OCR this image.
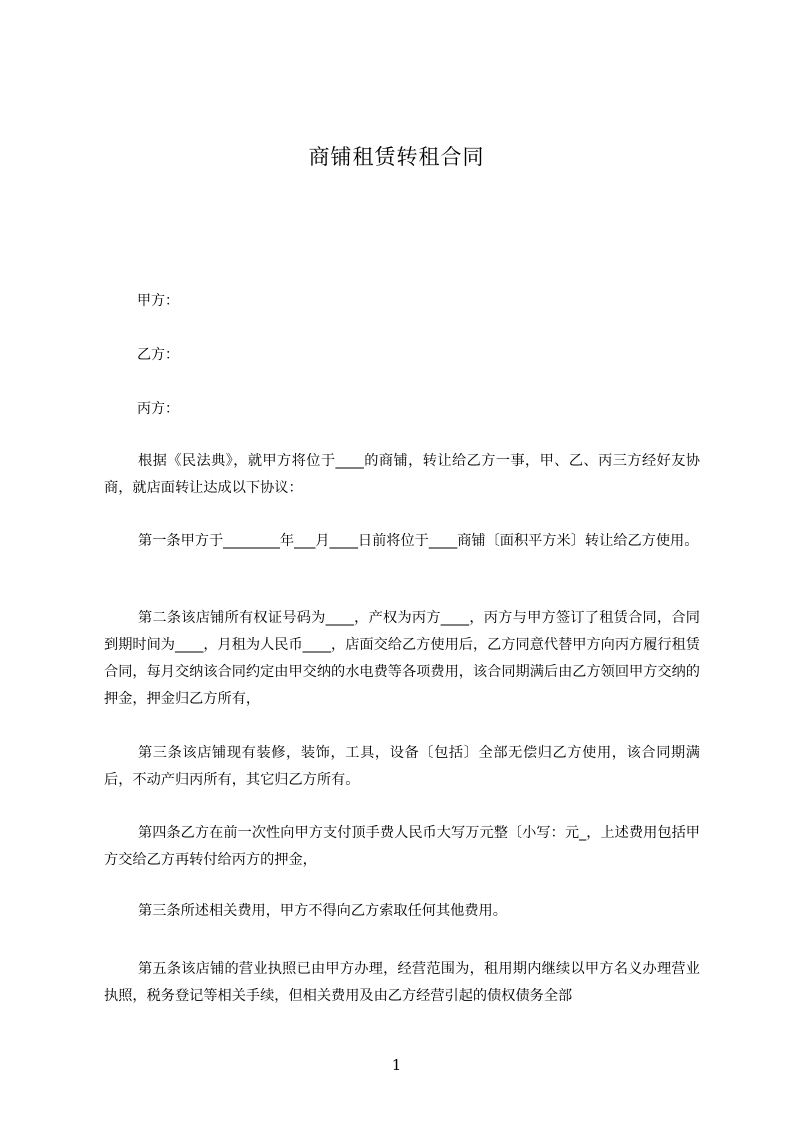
商铺租赁转租合同
甲方：
乙方：
丙方：
根据《民法典》，就甲方将位于____的商铺，转让给乙方一事，甲、乙、丙三方经好友协商，就店面转让达成以下协议：
第一条甲方于________年___月____日前将位于____商铺〔面积平方米〕转让给乙方使用。
第二条该店铺所有权证号码为____，产权为丙方____，丙方与甲方签订了租赁合同，合同到期时间为____，月租为人民币____，店面交给乙方使用后，乙方同意代替甲方向丙方履行租赁合同，每月交纳该合同约定由甲交纳的水电费等各项费用，该合同期满后由乙方领回甲方交纳的押金，押金归乙方所有，
第三条该店铺现有装修，装饰，工具，设备〔包括〕全部无偿归乙方使用，该合同期满后，不动产归丙所有，其它归乙方所有。
第四条乙方在前一次性向甲方支付顶手费人民币大写万元整〔小写：元_，上述费用包括甲方交给乙方再转付给丙方的押金，
第三条所述相关费用，甲方不得向乙方索取任何其他费用。
第五条该店铺的营业执照已由甲方办理，经营范围为，租用期内继续以甲方名义办理营业执照，税务登记等相关手续，但相关费用及由乙方经营引起的债权债务全部
1
